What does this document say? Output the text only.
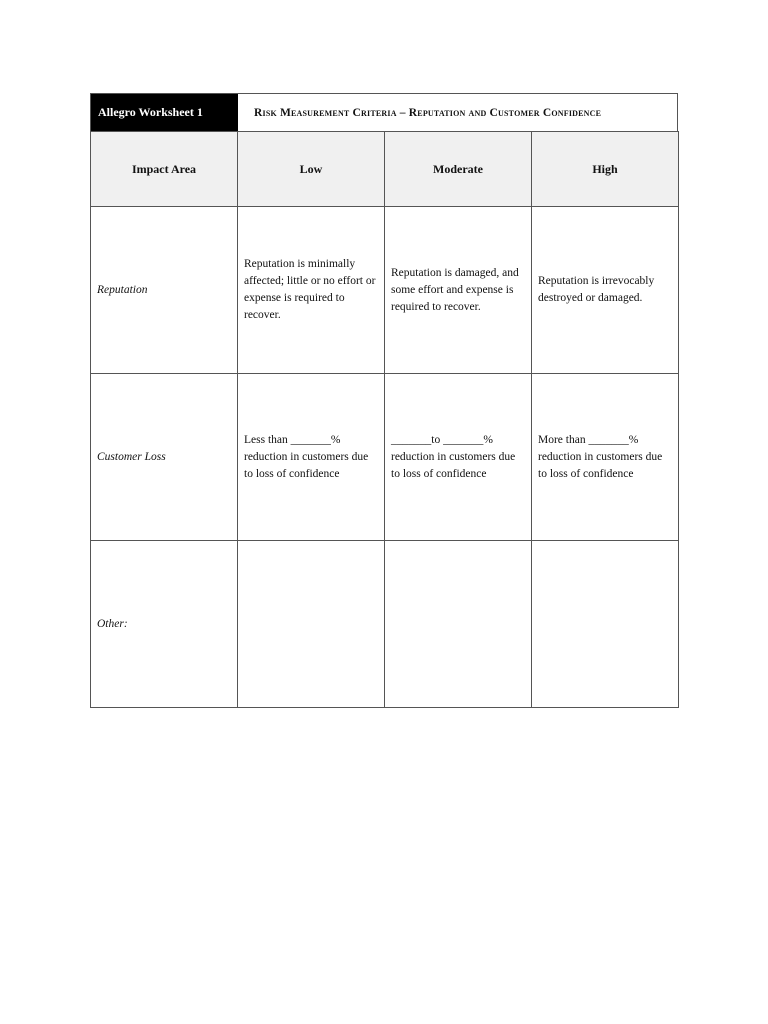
Allegro Worksheet 1	Risk Measurement Criteria – Reputation and Customer Confidence
Impact Area	Low	Moderate	High
Reputation	Reputation is minimally affected; little or no effort or expense is required to recover.	Reputation is damaged, and some effort and expense is required to recover.	Reputation is irrevocably destroyed or damaged.
Customer Loss	Less than _______% reduction in customers due to loss of confidence	_______to _______% reduction in customers due to loss of confidence	More than _______% reduction in customers due to loss of confidence
Other:			
